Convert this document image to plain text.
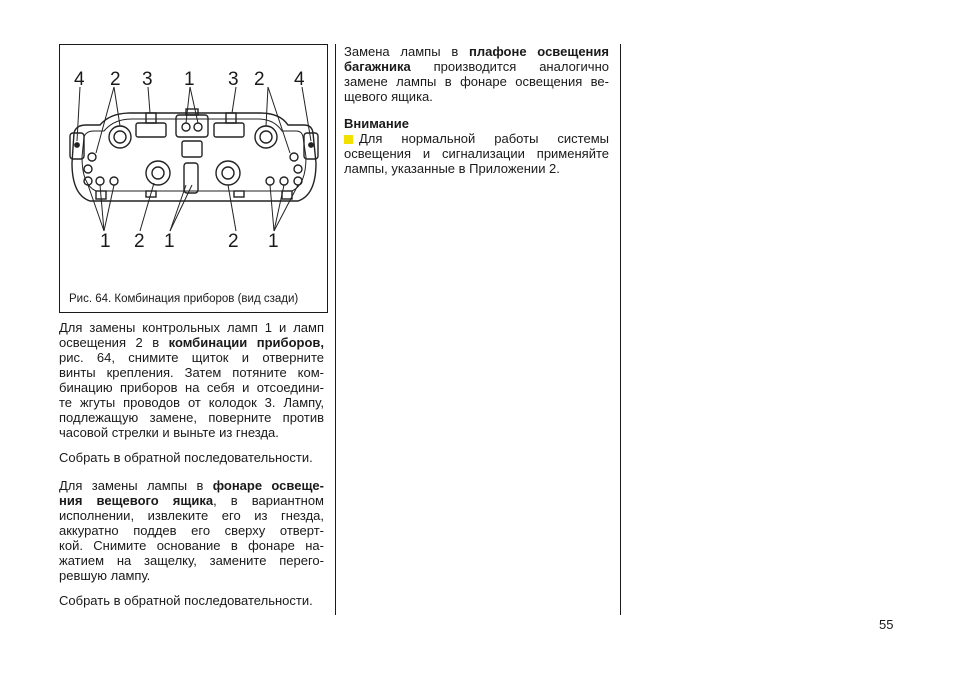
4 2 3 1 3 2 4
1 2 1	2 1
Рис. 64. Комбинация приборов (вид сзади)
Для замены контрольных ламп 1 и ламп
освещения 2 в комбинации приборов,
рис. 64, снимите щиток и отверните
винты крепления. Затем потяните ком-
бинацию приборов на себя и отсоедини-
те жгуты проводов от колодок 3. Лампу,
подлежащую замене, поверните против
часовой стрелки и выньте из гнезда.
Собрать в обратной последовательности.
Для замены лампы в фонаре освеще-
ния вещевого ящика, в вариантном
исполнении, извлеките его из гнезда,
аккуратно поддев его сверху отверт-
кой. Снимите основание в фонаре на-
жатием на защелку, замените перего-
ревшую лампу.
Собрать в обратной последовательности.
Замена лампы в плафоне освещения
багажника производится аналогично
замене лампы в фонаре освещения ве-
щевого ящика.
Внимание
Для нормальной работы системы
освещения и сигнализации применяйте
лампы, указанные в Приложении 2.
55
